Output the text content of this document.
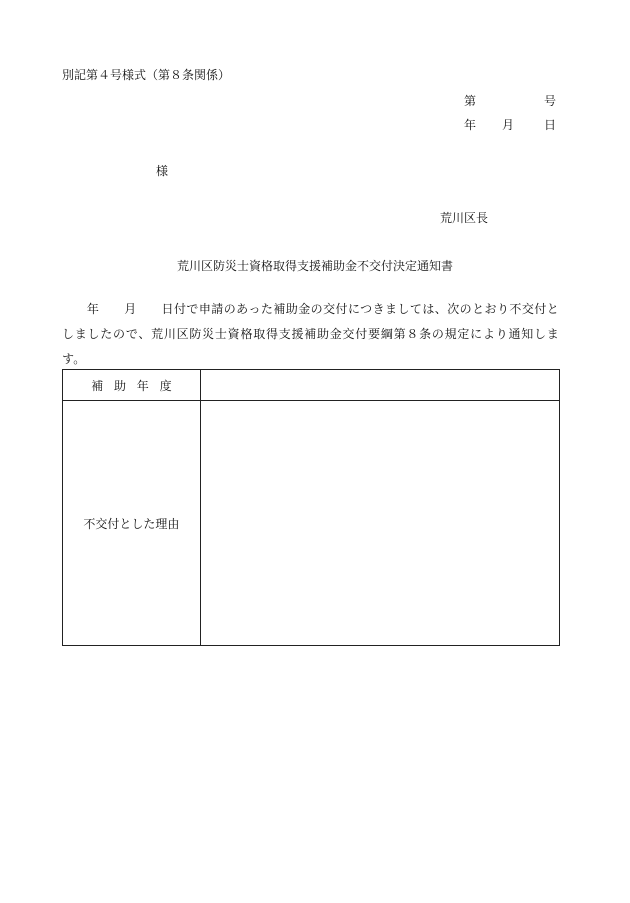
別記第４号様式（第８条関係）
第	号
年 月 日
様
荒川区長
荒川区防災士資格取得支援補助金不交付決定通知書
　　年　　月　　日付で申請のあった補助金の交付につきましては、次のとおり不交付としましたので、荒川区防災士資格取得支援補助金交付要綱第８条の規定により通知します。
補助年度	
不交付とした理由	
